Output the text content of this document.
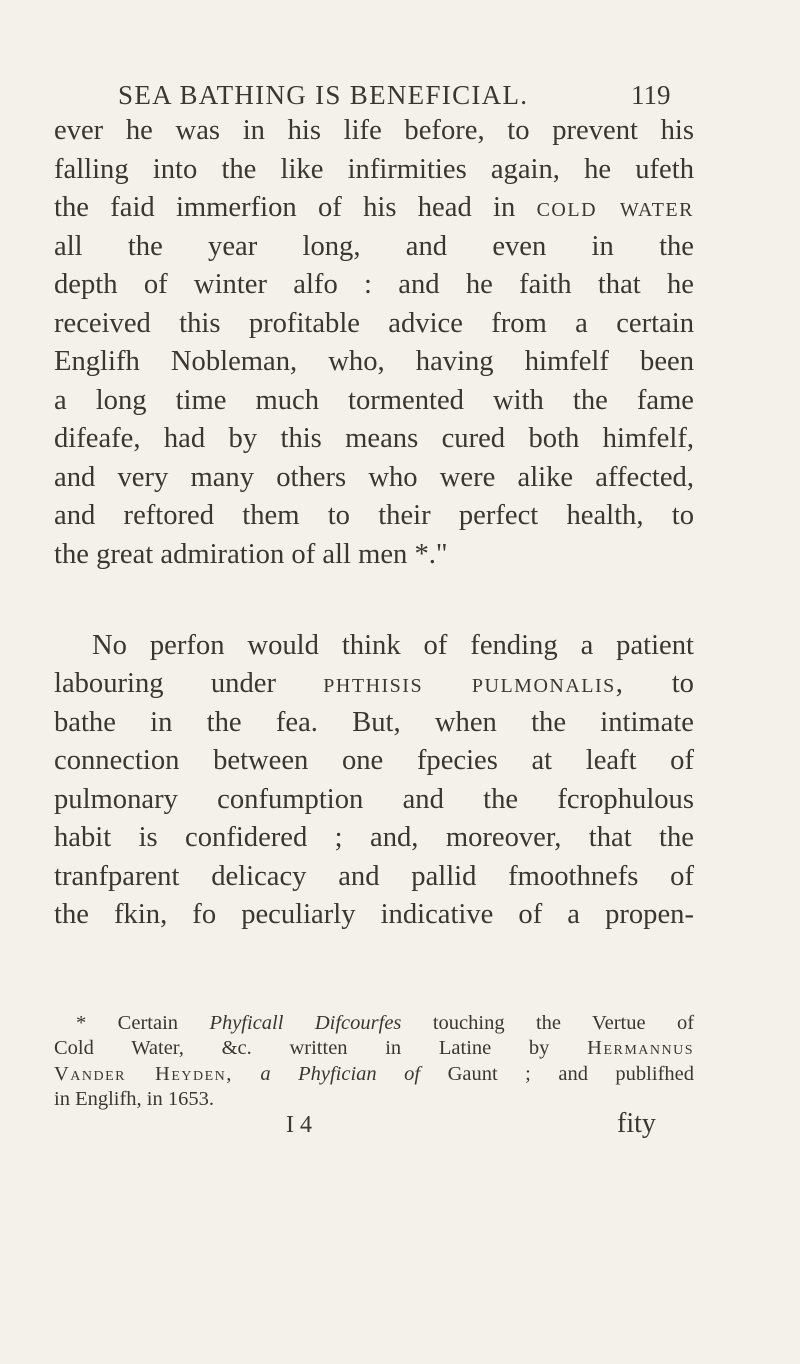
SEA BATHING IS BENEFICIAL.	119
ever he was in his life before, to prevent his
falling into the like infirmities again, he ufeth
the faid immerfion of his head in cold water
all the year long, and even in the
depth of winter alfo : and he faith that he
received this profitable advice from a certain
Englifh Nobleman, who, having himfelf been
a long time much tormented with the fame
difeafe, had by this means cured both himfelf,
and very many others who were alike affected,
and reftored them to their perfect health, to
the great admiration of all men *."
No perfon would think of fending a patient
labouring under phthisis pulmonalis, to
bathe in the fea. But, when the intimate
connection between one fpecies at leaft of
pulmonary confumption and the fcrophulous
habit is confidered ; and, moreover, that the
tranfparent delicacy and pallid fmoothnefs of
the fkin, fo peculiarly indicative of a propen-
* Certain Phyficall Difcourfes touching the Vertue of
Cold Water, &c. written in Latine by Hermannus
Vander Heyden, a Phyfician of Gaunt ; and publifhed
in Englifh, in 1653.
I 4	fity
